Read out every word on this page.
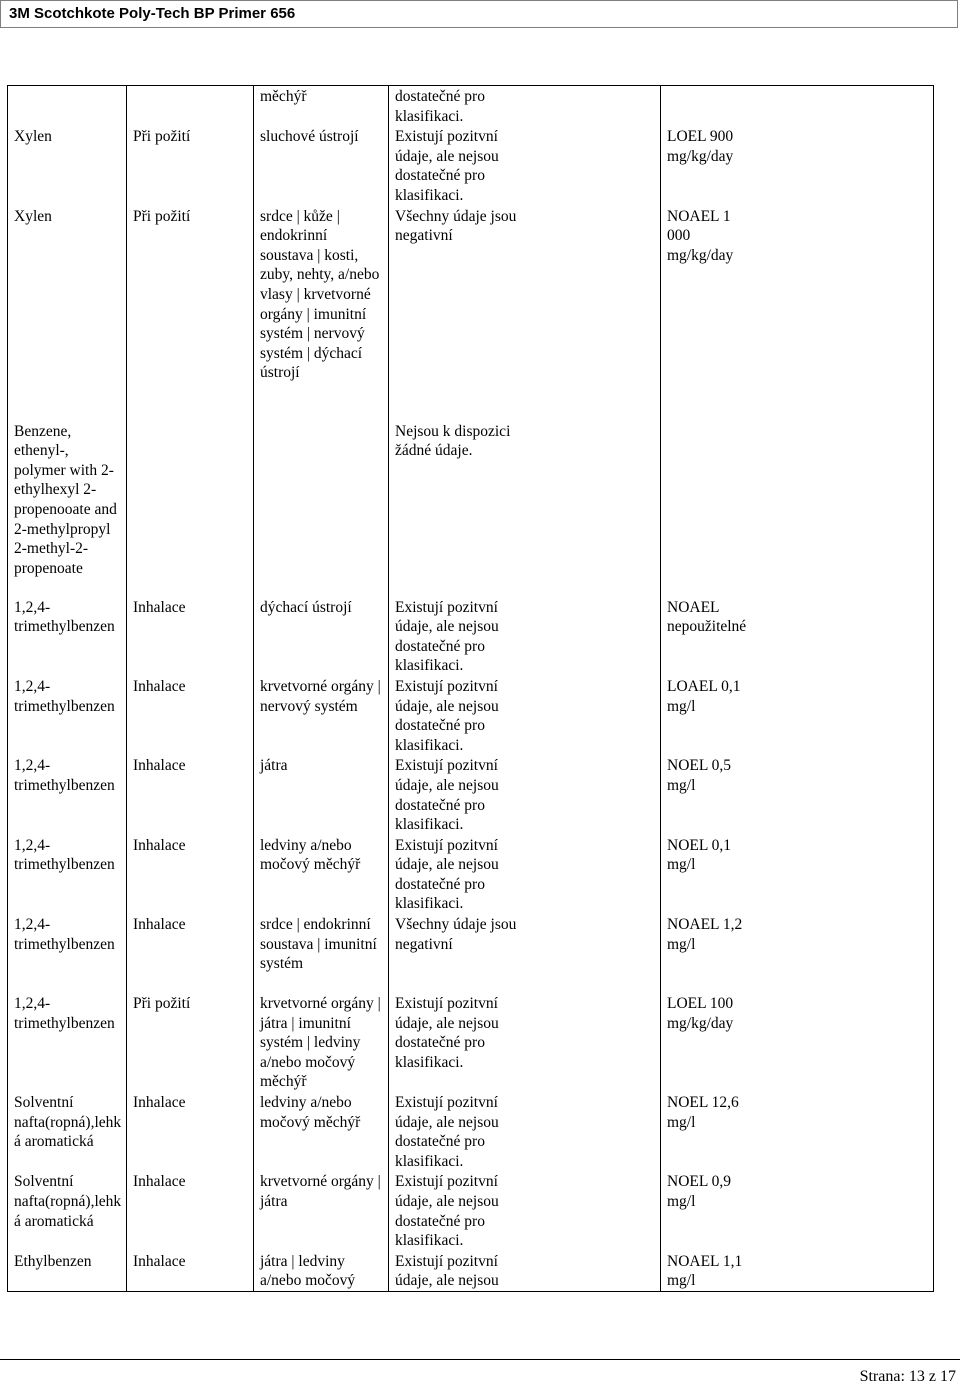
3M Scotchkote Poly-Tech BP Primer 656
		měchýř	dostatečné pro klasifikaci.	
Xylen	Při požití	sluchové ústrojí	Existují pozitvní údaje, ale nejsou dostatečné pro klasifikaci.	LOEL 900 mg/kg/day
Xylen	Při požití	srdce | kůže | endokrinní soustava | kosti, zuby, nehty, a/nebo vlasy | krvetvorné orgány | imunitní systém | nervový systém | dýchací ústrojí	Všechny údaje jsou negativní	NOAEL 1 000 mg/kg/day
Benzene, ethenyl-, polymer with 2-ethylhexyl 2-propenooate and 2-methylpropyl 2-methyl-2-propenoate			Nejsou k dispozici žádné údaje.	
1,2,4-trimethylbenzen	Inhalace	dýchací ústrojí	Existují pozitvní údaje, ale nejsou dostatečné pro klasifikaci.	NOAEL nepoužitelné
1,2,4-trimethylbenzen	Inhalace	krvetvorné orgány | nervový systém	Existují pozitvní údaje, ale nejsou dostatečné pro klasifikaci.	LOAEL 0,1 mg/l
1,2,4-trimethylbenzen	Inhalace	játra	Existují pozitvní údaje, ale nejsou dostatečné pro klasifikaci.	NOEL 0,5 mg/l
1,2,4-trimethylbenzen	Inhalace	ledviny a/nebo močový měchýř	Existují pozitvní údaje, ale nejsou dostatečné pro klasifikaci.	NOEL 0,1 mg/l
1,2,4-trimethylbenzen	Inhalace	srdce | endokrinní soustava | imunitní systém	Všechny údaje jsou negativní	NOAEL 1,2 mg/l
1,2,4-trimethylbenzen	Při požití	krvetvorné orgány | játra | imunitní systém | ledviny a/nebo močový měchýř	Existují pozitvní údaje, ale nejsou dostatečné pro klasifikaci.	LOEL 100 mg/kg/day
Solventní nafta(ropná),lehká aromatická	Inhalace	ledviny a/nebo močový měchýř	Existují pozitvní údaje, ale nejsou dostatečné pro klasifikaci.	NOEL 12,6 mg/l
Solventní nafta(ropná),lehká aromatická	Inhalace	krvetvorné orgány | játra	Existují pozitvní údaje, ale nejsou dostatečné pro klasifikaci.	NOEL 0,9 mg/l
Ethylbenzen	Inhalace	játra | ledviny a/nebo močový	Existují pozitvní údaje, ale nejsou	NOAEL 1,1 mg/l
Strana: 13 z 17
